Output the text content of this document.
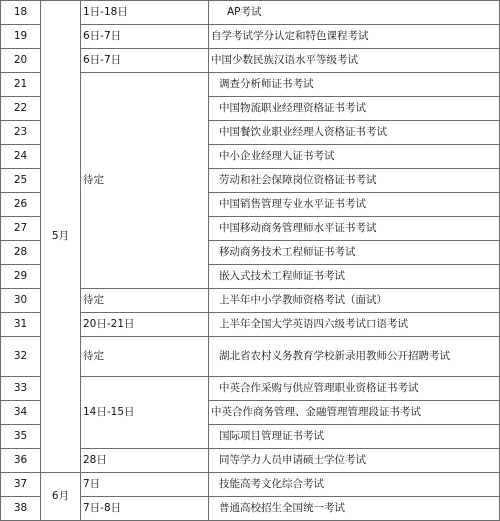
18	5月	1日-18日	AP考试
19		6日-7日	自学考试学分认定和特色课程考试
20		6日-7日	中国少数民族汉语水平等级考试
21		待定	调查分析师证书考试
22			中国物流职业经理资格证书考试
23			中国餐饮业职业经理人资格证书考试
24			中小企业经理人证书考试
25			劳动和社会保障岗位资格证书考试
26			中国销售管理专业水平证书考试
27			中国移动商务管理师水平证书考试
28			移动商务技术工程师证书考试
29			嵌入式技术工程师证书考试
30		待定	上半年中小学教师资格考试（面试）
31		20日-21日	上半年全国大学英语四六级考试口语考试
32		待定	湖北省农村义务教育学校新录用教师公开招聘考试
33		14日-15日	中英合作采购与供应管理职业资格证书考试
34			中英合作商务管理、金融管理管理段证书考试
35			国际项目管理证书考试
36		28日	同等学力人员申请硕士学位考试
37	6月	7日	技能高考文化综合考试
38		7日-8日	普通高校招生全国统一考试
